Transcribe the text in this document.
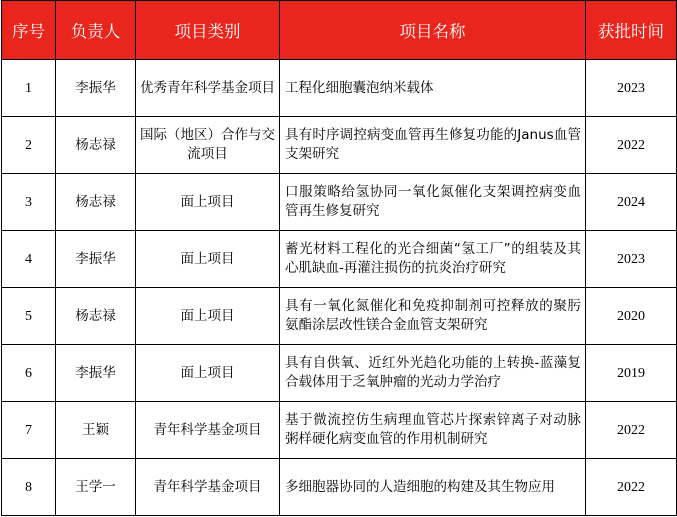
序号	负责人	项目类别	项目名称	获批时间
1	李振华	优秀青年科学基金项目	工程化细胞囊泡纳米载体	2023
2	杨志禄	国际（地区）合作与交流项目	具有时序调控病变血管再生修复功能的Janus血管支架研究	2022
3	杨志禄	面上项目	口服策略给氢协同一氧化氮催化支架调控病变血管再生修复研究	2024
4	李振华	面上项目	蓄光材料工程化的光合细菌“氢工厂”的组装及其心肌缺血-再灌注损伤的抗炎治疗研究	2023
5	杨志禄	面上项目	具有一氧化氮催化和免疫抑制剂可控释放的聚肟氨酯涂层改性镁合金血管支架研究	2020
6	李振华	面上项目	具有自供氧、近红外光趋化功能的上转换-蓝藻复合载体用于乏氧肿瘤的光动力学治疗	2019
7	王颖	青年科学基金项目	基于微流控仿生病理血管芯片探索锌离子对动脉粥样硬化病变血管的作用机制研究	2022
8	王学一	青年科学基金项目	多细胞器协同的人造细胞的构建及其生物应用	2022
